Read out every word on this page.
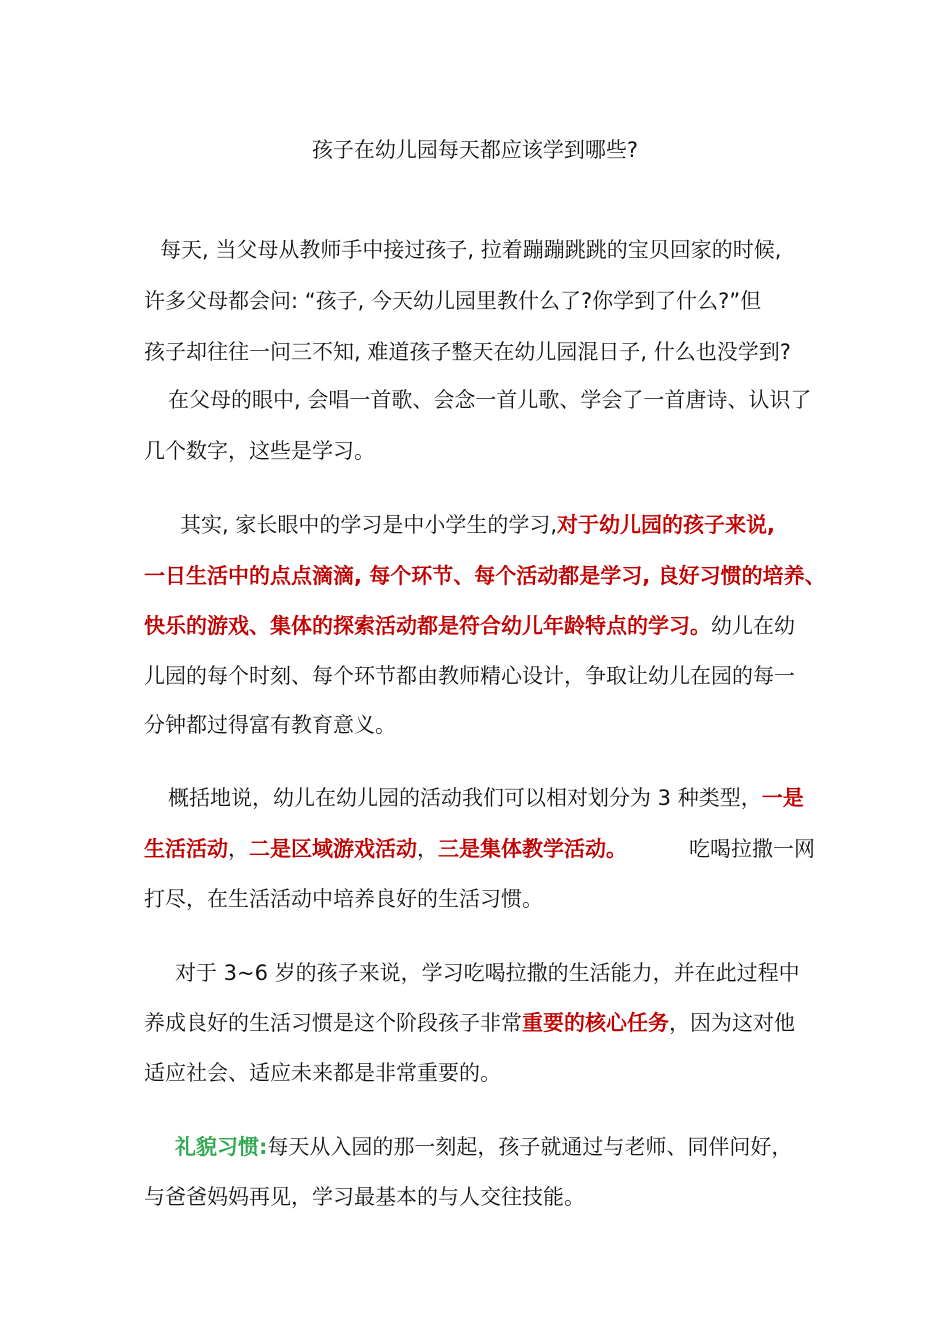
孩子在幼儿园每天都应该学到哪些?

每天, 当父母从教师手中接过孩子, 拉着蹦蹦跳跳的宝贝回家的时候,

许多父母都会问: “孩子, 今天幼儿园里教什么了?你学到了什么?”但

孩子却往往一问三不知, 难道孩子整天在幼儿园混日子, 什么也没学到?

在父母的眼中, 会唱一首歌、会念一首儿歌、学会了一首唐诗、认识了

几个数字，这些是学习。

其实, 家长眼中的学习是中小学生的学习,对于幼儿园的孩子来说,

一日生活中的点点滴滴, 每个环节、每个活动都是学习, 良好习惯的培养、

快乐的游戏、集体的探索活动都是符合幼儿年龄特点的学习。幼儿在幼

儿园的每个时刻、每个环节都由教师精心设计，争取让幼儿在园的每一

分钟都过得富有教育意义。

概括地说，幼儿在幼儿园的活动我们可以相对划分为 3 种类型，一是

生活活动，二是区域游戏活动，三是集体教学活动。	吃喝拉撒一网

打尽，在生活活动中培养良好的生活习惯。

对于 3~6 岁的孩子来说，学习吃喝拉撒的生活能力，并在此过程中

养成良好的生活习惯是这个阶段孩子非常重要的核心任务，因为这对他

适应社会、适应未来都是非常重要的。

礼貌习惯:每天从入园的那一刻起，孩子就通过与老师、同伴问好，

与爸爸妈妈再见，学习最基本的与人交往技能。
